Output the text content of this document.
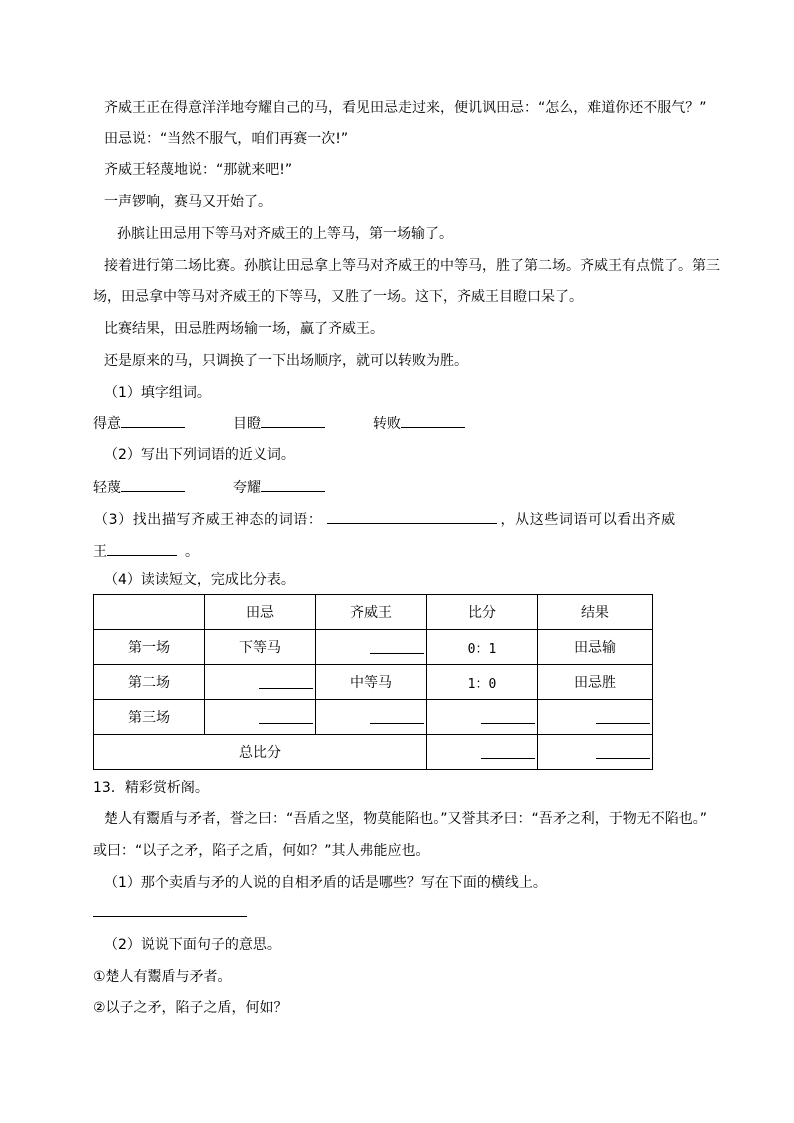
齐威王正在得意洋洋地夸耀自己的马，看见田忌走过来，便讥讽田忌：“怎么，难道你还不服气？”
田忌说：“当然不服气，咱们再赛一次!”
齐威王轻蔑地说：“那就来吧!”
一声锣响，赛马又开始了。
孙膑让田忌用下等马对齐威王的上等马，第一场输了。
接着进行第二场比赛。孙膑让田忌拿上等马对齐威王的中等马，胜了第二场。齐威王有点慌了。第三
场，田忌拿中等马对齐威王的下等马，又胜了一场。这下，齐威王目瞪口呆了。
比赛结果，田忌胜两场输一场，赢了齐威王。
还是原来的马，只调换了一下出场顺序，就可以转败为胜。
（1）填字组词。
得意	目瞪	转败
（2）写出下列词语的近义词。
轻蔑	夸耀
（3）找出描写齐威王神态的词语：	，从这些词语可以看出齐威
王	。
（4）读读短文，完成比分表。
	田忌	齐威王	比分	结果
第一场	下等马		0：1	田忌输
第二场		中等马	1：0	田忌胜
第三场				
总比分				
13．精彩赏析阁。
楚人有鬻盾与矛者，誉之曰：“吾盾之坚，物莫能陷也。”又誉其矛曰：“吾矛之利，于物无不陷也。”
或曰：“以子之矛，陷子之盾，何如？”其人弗能应也。
（1）那个卖盾与矛的人说的自相矛盾的话是哪些？写在下面的横线上。
（2）说说下面句子的意思。
①楚人有鬻盾与矛者。
②以子之矛，陷子之盾，何如？
